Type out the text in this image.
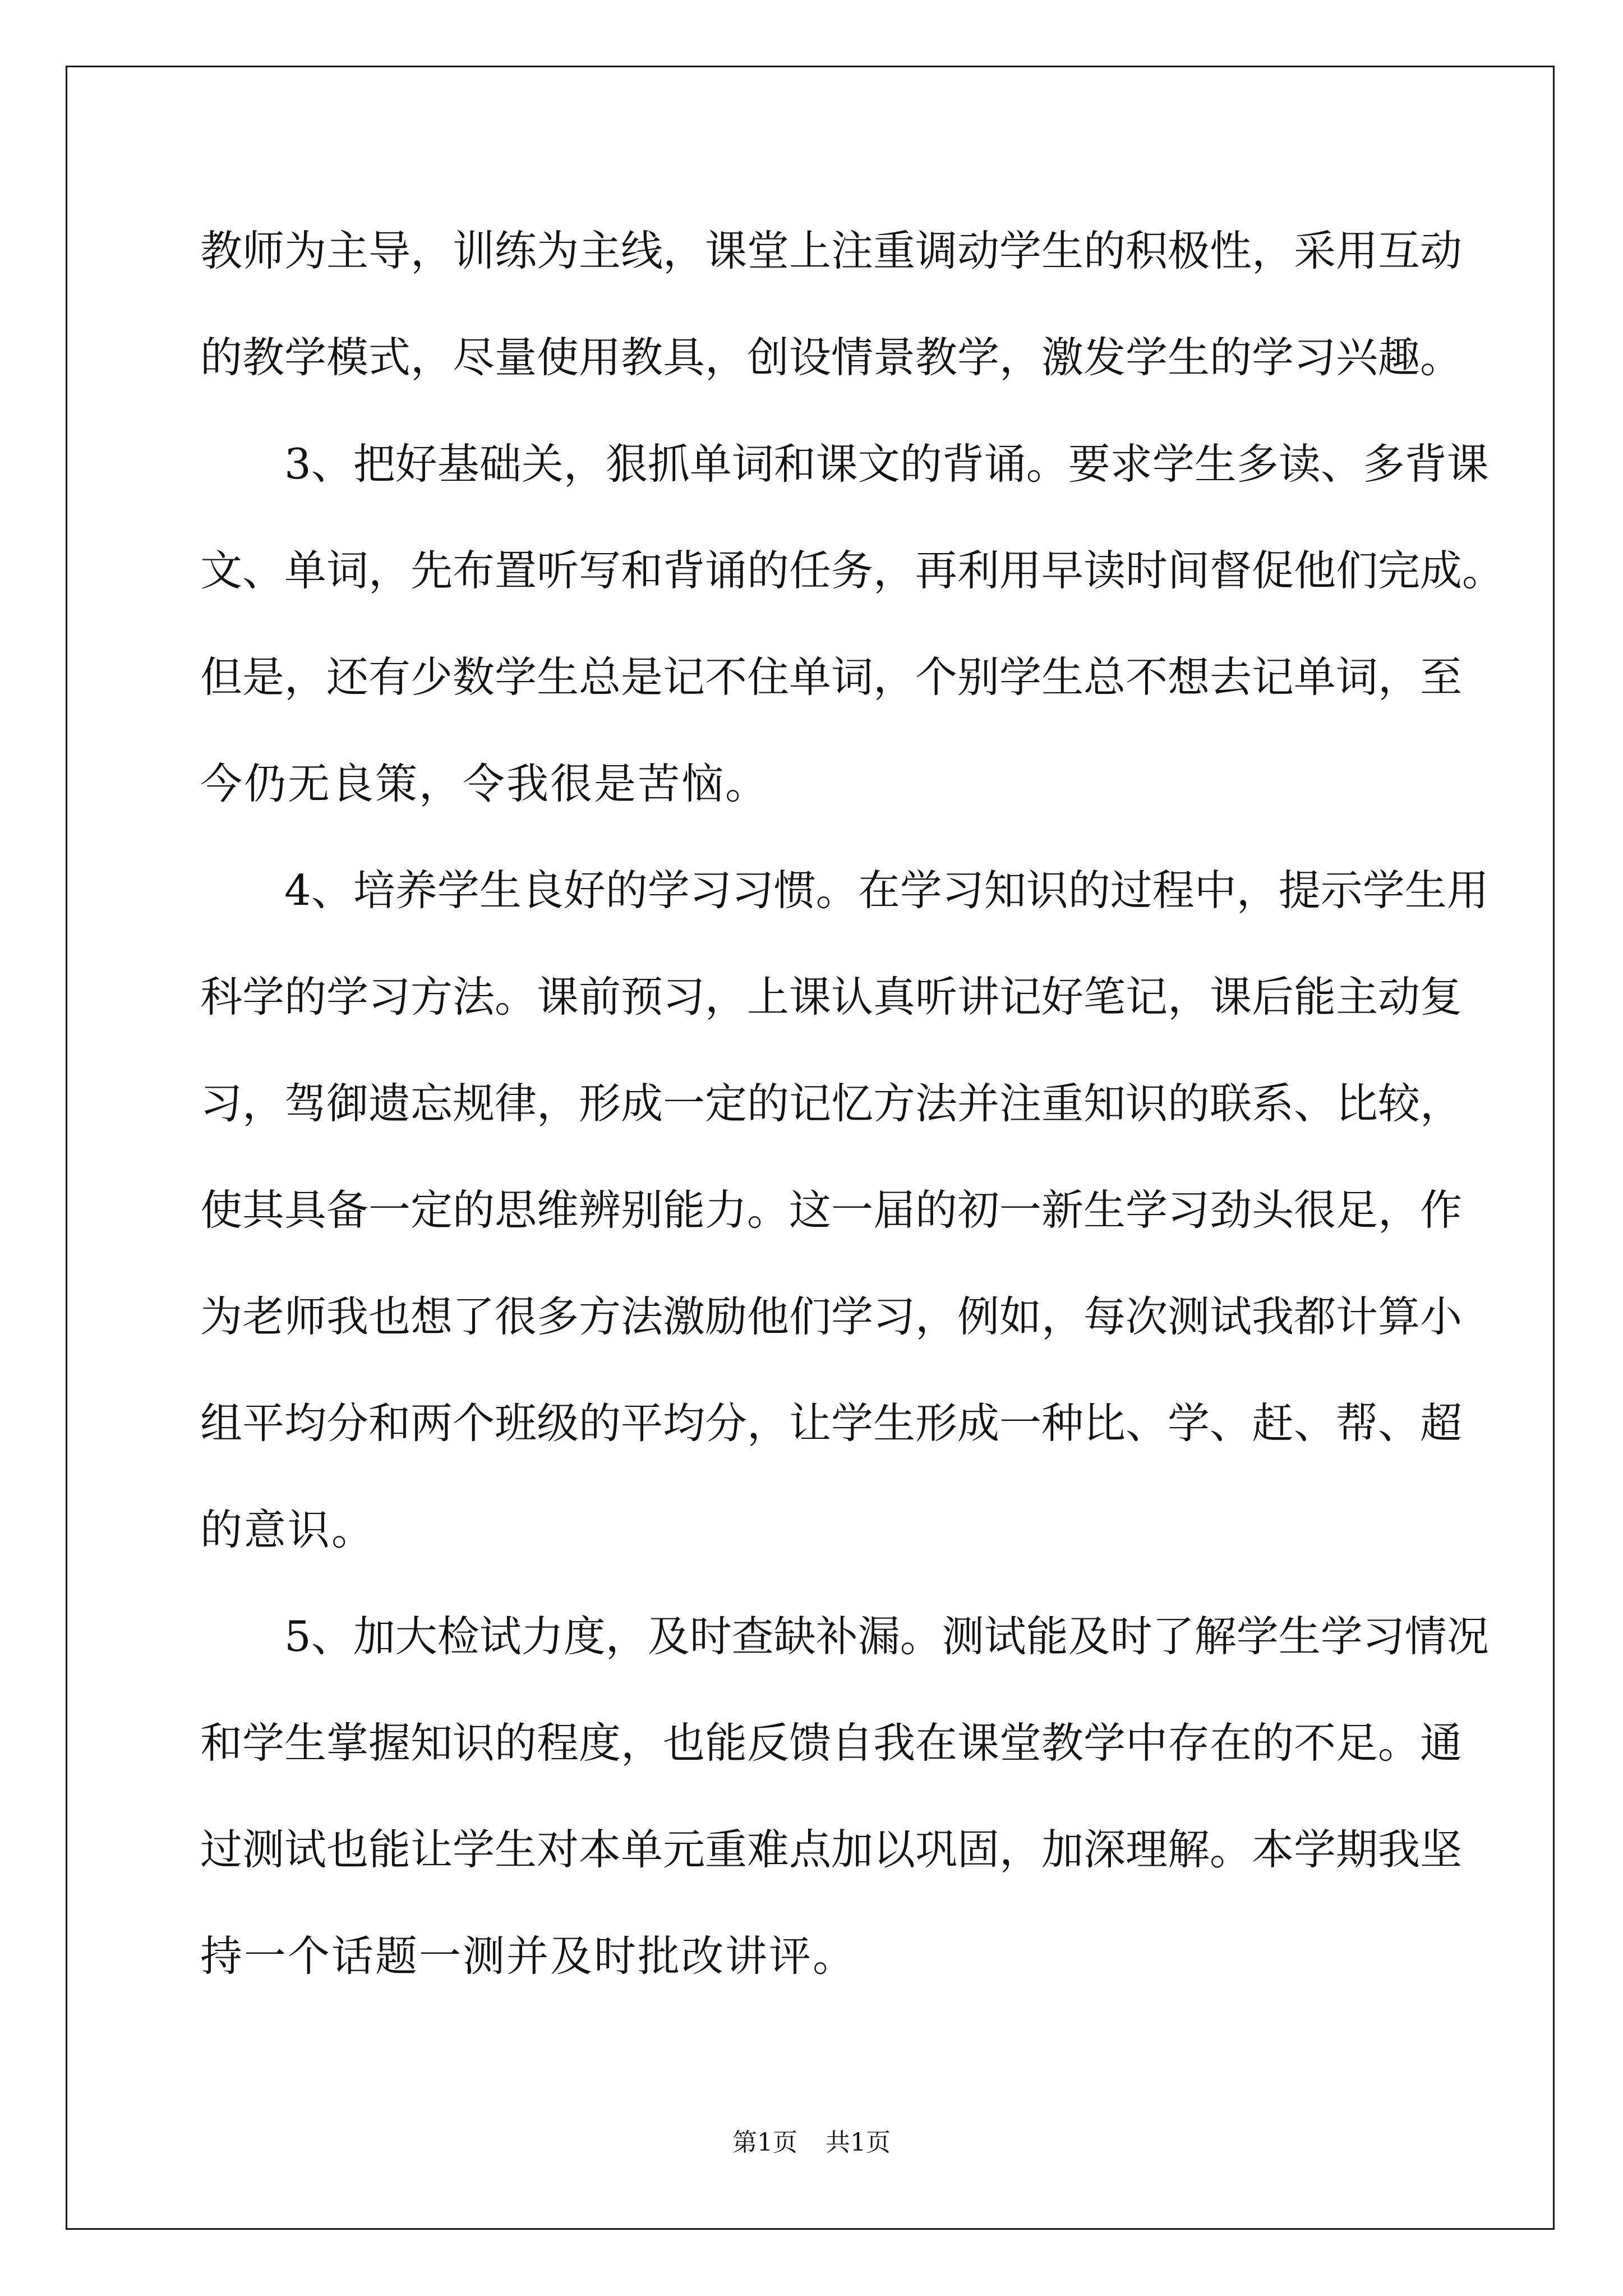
教师为主导，训练为主线，课堂上注重调动学生的积极性，采用互动
的教学模式，尽量使用教具，创设情景教学，激发学生的学习兴趣。
3、把好基础关，狠抓单词和课文的背诵。要求学生多读、多背课
文、单词，先布置听写和背诵的任务，再利用早读时间督促他们完成。
但是，还有少数学生总是记不住单词，个别学生总不想去记单词，至
今仍无良策，令我很是苦恼。
4、培养学生良好的学习习惯。在学习知识的过程中，提示学生用
科学的学习方法。课前预习，上课认真听讲记好笔记，课后能主动复
习，驾御遗忘规律，形成一定的记忆方法并注重知识的联系、比较，
使其具备一定的思维辨别能力。这一届的初一新生学习劲头很足，作
为老师我也想了很多方法激励他们学习，例如，每次测试我都计算小
组平均分和两个班级的平均分，让学生形成一种比、学、赶、帮、超
的意识。
5、加大检试力度，及时查缺补漏。测试能及时了解学生学习情况
和学生掌握知识的程度，也能反馈自我在课堂教学中存在的不足。通
过测试也能让学生对本单元重难点加以巩固，加深理解。本学期我坚
持一个话题一测并及时批改讲评。
第1页 共1页
